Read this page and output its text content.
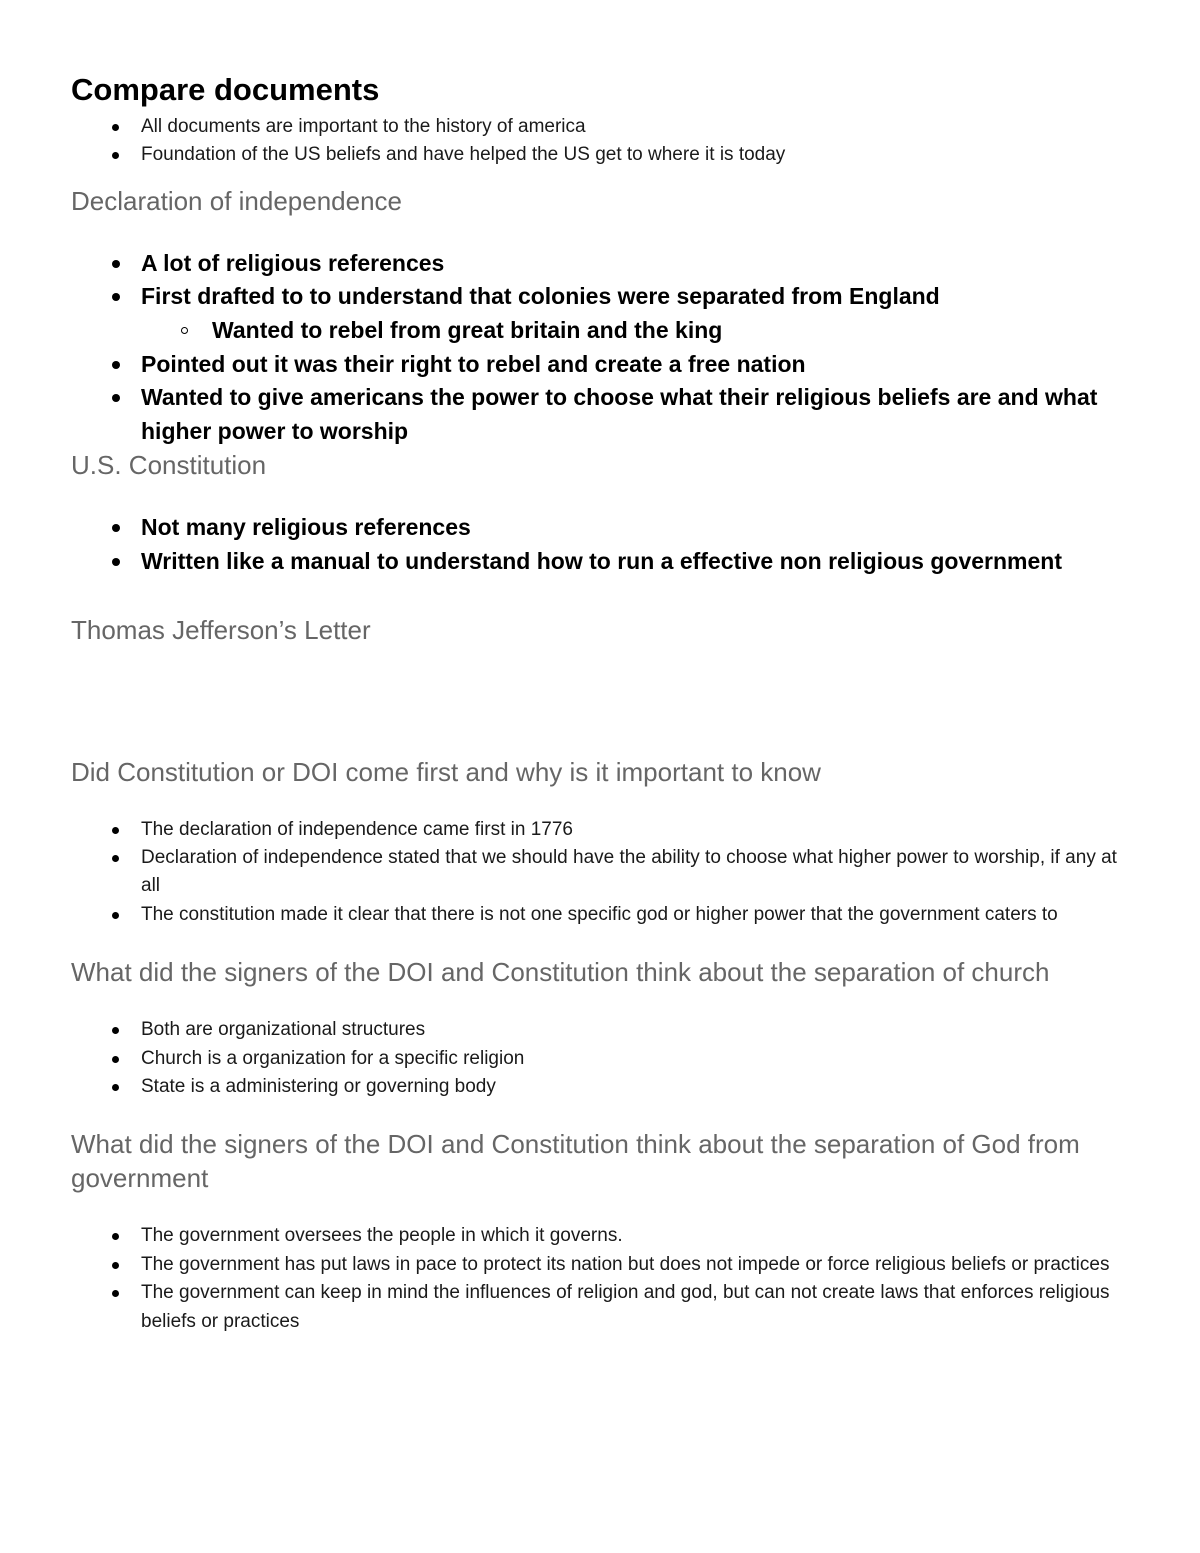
Compare documents
All documents are important to the history of america
Foundation of the US beliefs and have helped the US get to where it is today
Declaration of independence
A lot of religious references
First drafted to to understand that colonies were separated from England
Wanted to rebel from great britain and the king
Pointed out it was their right to rebel and create a free nation
Wanted to give americans the power to choose what their religious beliefs are and what higher power to worship
U.S. Constitution
Not many religious references
Written like a manual to understand how to run a effective non religious government
Thomas Jefferson’s Letter
Did Constitution or DOI come first and why is it important to know
The declaration of independence came first in 1776
Declaration of independence stated that we should have the ability to choose what higher power to worship, if any at all
The constitution made it clear that there is not one specific god or higher power that the government caters to
What did the signers of the DOI and Constitution think about the separation of church
Both are organizational structures
Church is a organization for a specific religion
State is a administering or governing body
What did the signers of the DOI and Constitution think about the separation of God from government
The government oversees the people in which it governs.
The government has put laws in pace to protect its nation but does not impede or force religious beliefs or practices
The government can keep in mind the influences of religion and god, but can not create laws that enforces religious beliefs or practices
